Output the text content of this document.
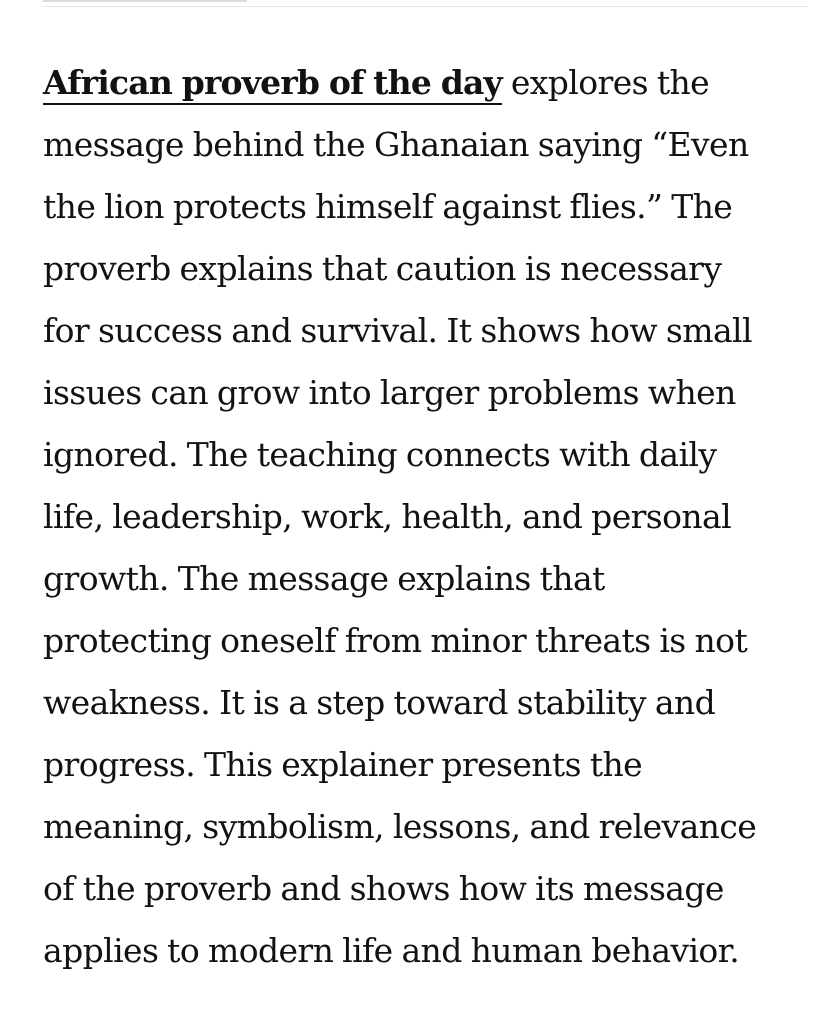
African proverb of the day explores the
message behind the Ghanaian saying “Even
the lion protects himself against flies.” The
proverb explains that caution is necessary
for success and survival. It shows how small
issues can grow into larger problems when
ignored. The teaching connects with daily
life, leadership, work, health, and personal
growth. The message explains that
protecting oneself from minor threats is not
weakness. It is a step toward stability and
progress. This explainer presents the
meaning, symbolism, lessons, and relevance
of the proverb and shows how its message
applies to modern life and human behavior.
